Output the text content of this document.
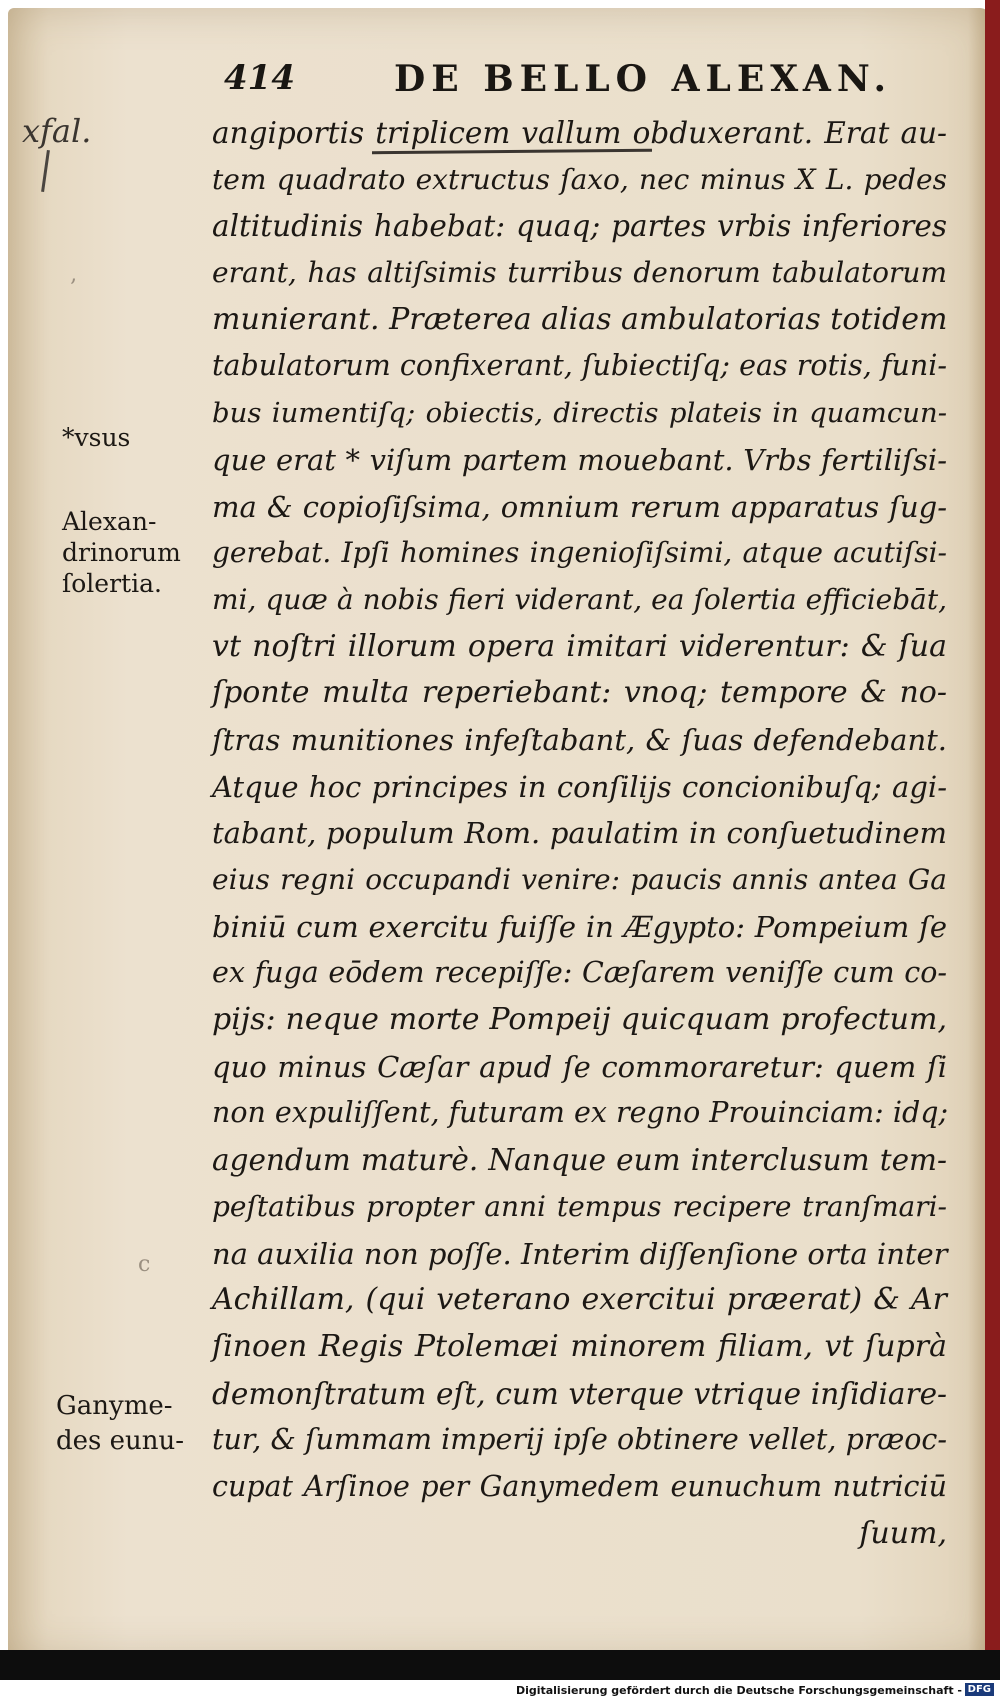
414	DE BELLO ALEXAN.
xfal.
‚
c
*vsus
Alexan-
drinorum
ſolertia.
Ganyme-
des eunu-
angiportis triplicem vallum obduxerant. Erat au-
tem quadrato extructus ſaxo, nec minus X L. pedes
altitudinis habebat: quaq; partes vrbis inferiores
erant, has altiſsimis turribus denorum tabulatorum
munierant. Præterea alias ambulatorias totidem
tabulatorum confixerant, ſubiectiſq; eas rotis, funi-
bus iumentiſq; obiectis, directis plateis in quamcun-
que erat * viſum partem mouebant. Vrbs fertiliſsi-
ma & copioſiſsima, omnium rerum apparatus ſug-
gerebat. Ipſi homines ingenioſiſsimi, atque acutiſsi-
mi, quæ à nobis fieri viderant, ea ſolertia efficiebāt,
vt noſtri illorum opera imitari viderentur: & ſua
ſponte multa reperiebant: vnoq; tempore & no-
ſtras munitiones infeſtabant, & ſuas defendebant.
Atque hoc principes in conſilijs concionibuſq; agi-
tabant, populum Rom. paulatim in conſuetudinem
eius regni occupandi venire: paucis annis antea Ga
biniū cum exercitu fuiſſe in Ægypto: Pompeium ſe
ex fuga eōdem recepiſſe: Cæſarem veniſſe cum co-
pijs: neque morte Pompeij quicquam profectum,
quo minus Cæſar apud ſe commoraretur: quem ſi
non expuliſſent, futuram ex regno Prouinciam: idq;
agendum maturè. Nanque eum interclusum tem-
peſtatibus propter anni tempus recipere tranſmari-
na auxilia non poſſe. Interim diſſenſione orta inter
Achillam, (qui veterano exercitui præerat) & Ar
ſinoen Regis Ptolemæi minorem filiam, vt ſuprà
demonſtratum eſt, cum vterque vtrique inſidiare-
tur, & ſummam imperij ipſe obtinere vellet, præoc-
cupat Arſinoe per Ganymedem eunuchum nutriciū
ſuum,
Digitalisierung gefördert durch die Deutsche Forschungsgemeinschaft - DFG
